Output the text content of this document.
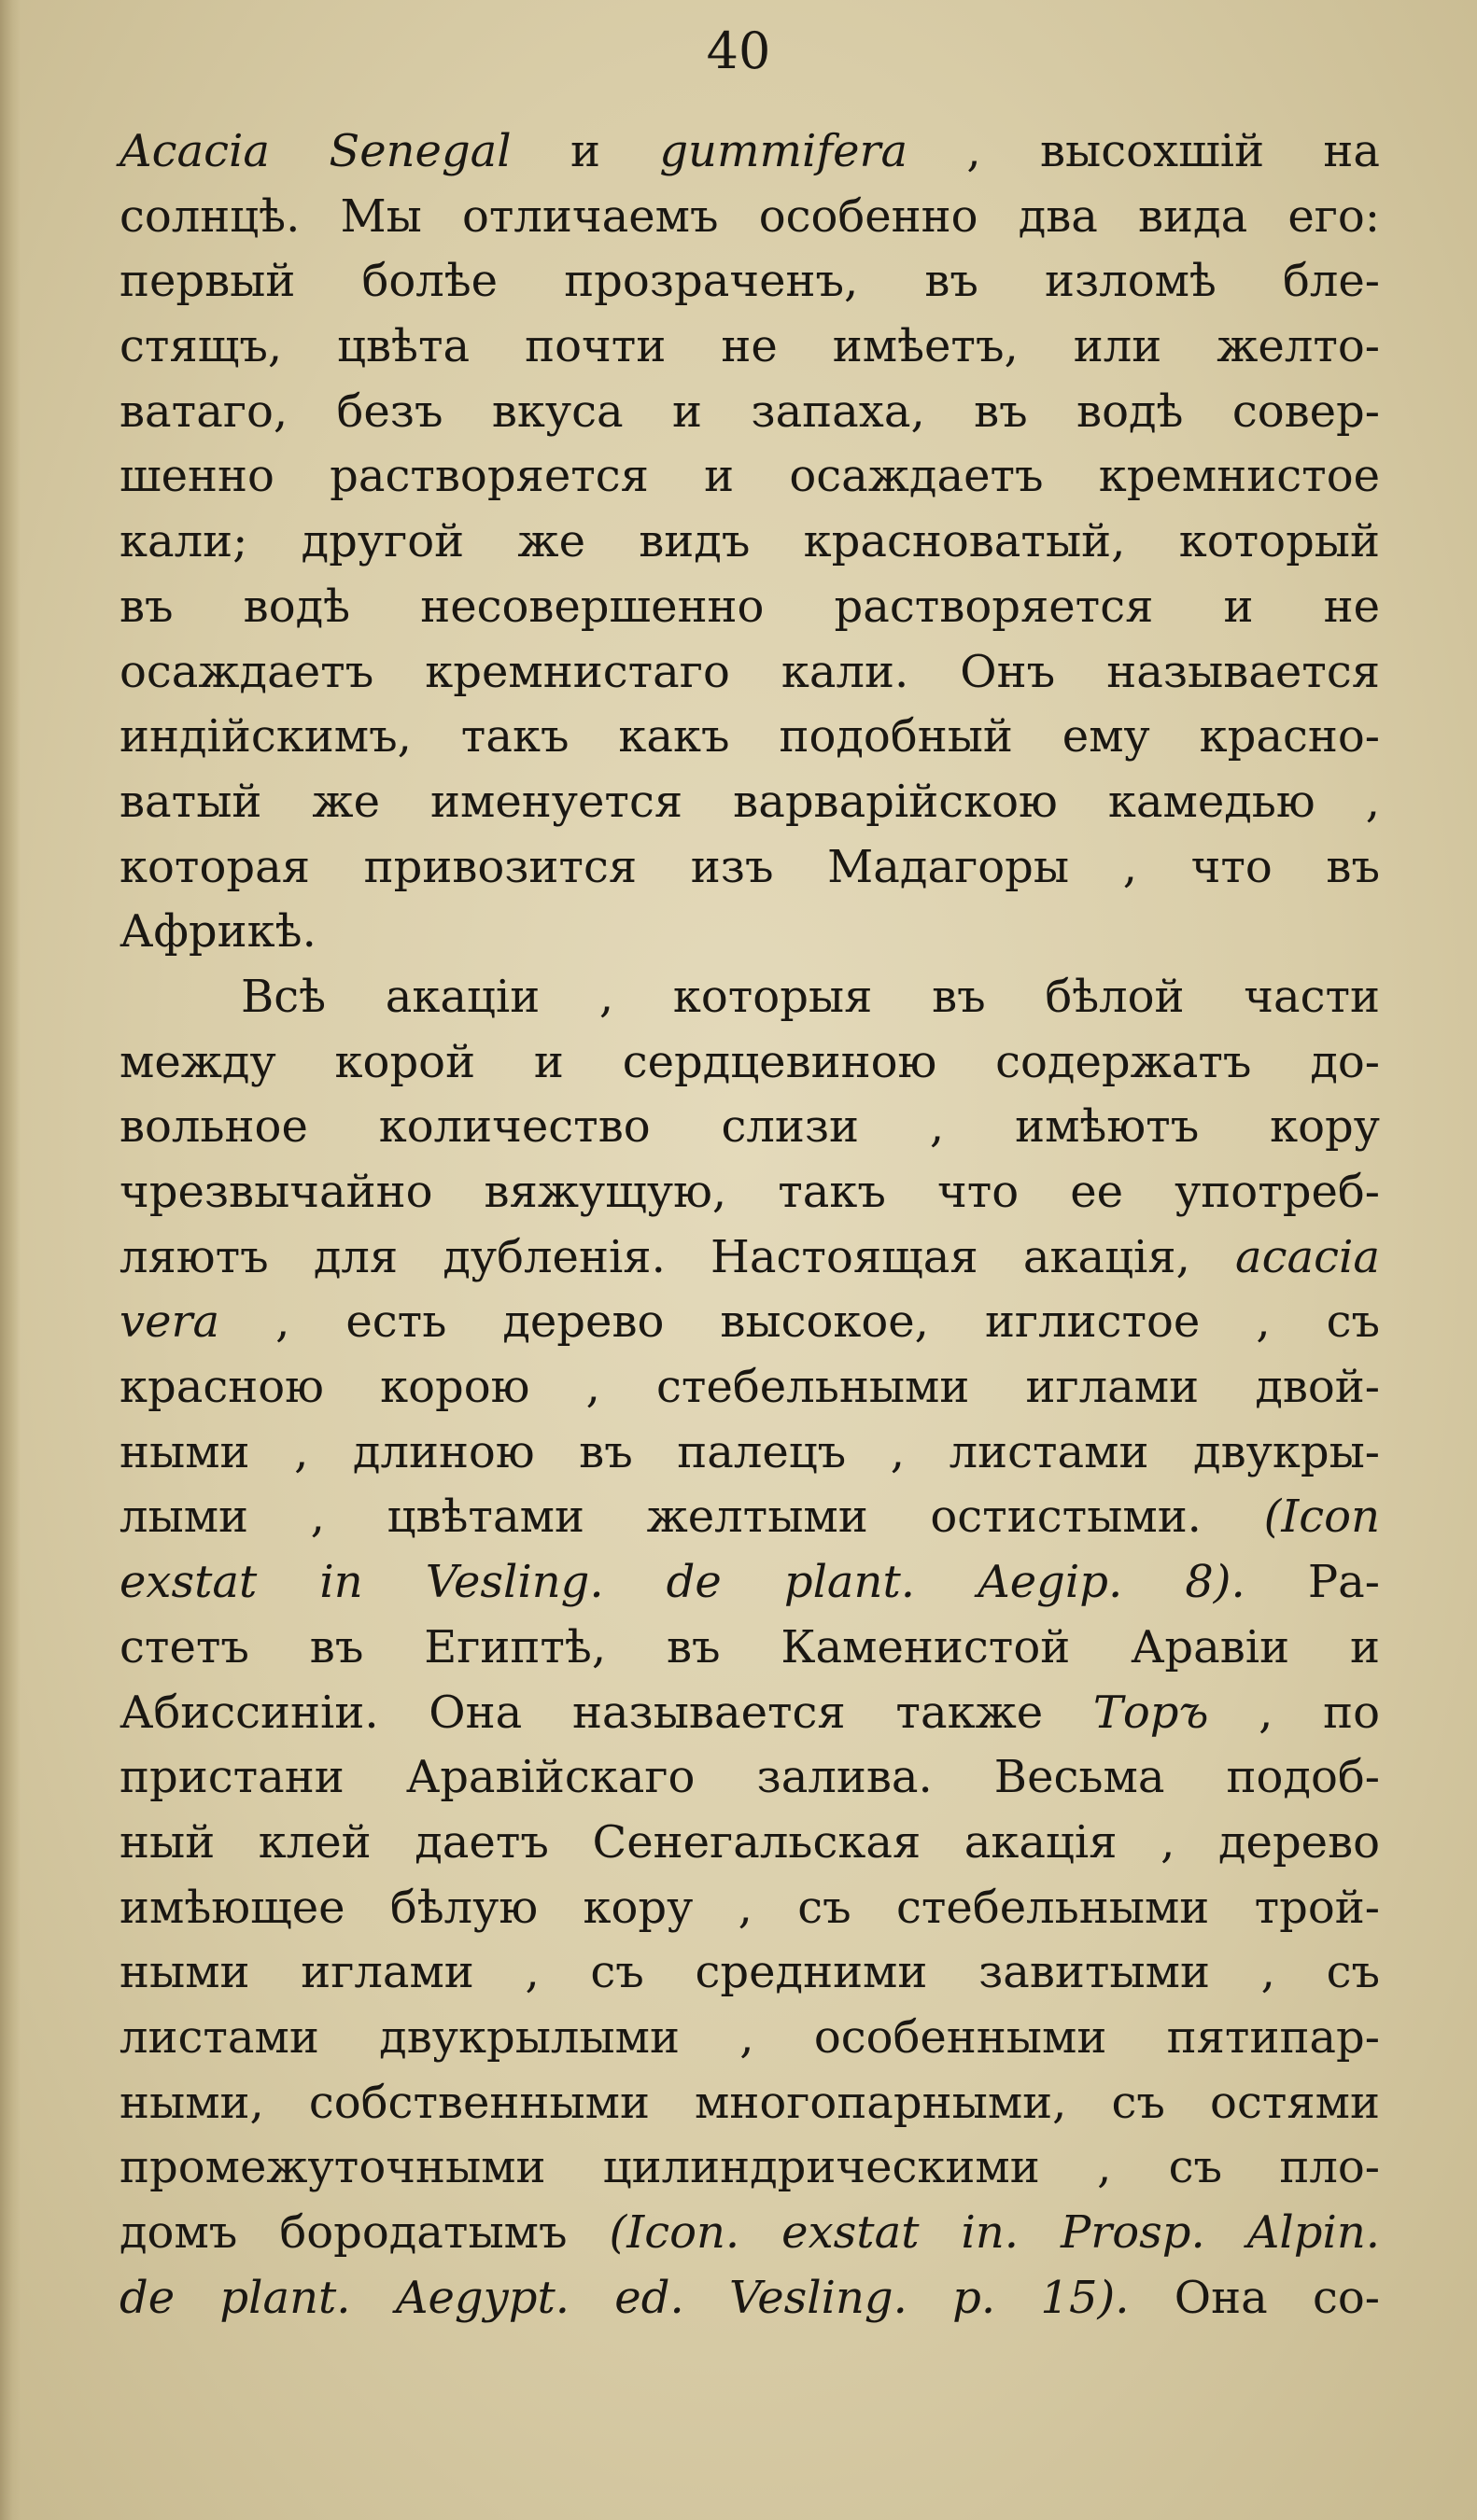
40
Acacia Senegal и gummifera , высохшій на
солнцѣ. Мы отличаемъ особенно два вида его:
первый болѣе прозраченъ, въ изломѣ бле-
стящъ, цвѣта почти не имѣетъ, или желто-
ватаго, безъ вкуса и запаха, въ водѣ совер-
шенно растворяется и осаждаетъ кремнистое
кали; другой же видъ красноватый, который
въ водѣ несовершенно растворяется и не
осаждаетъ кремнистаго кали. Онъ называется
индійскимъ, такъ какъ подобный ему красно-
ватый же именуется варварійскою камедью ,
которая привозится изъ Мадагоры , что въ
Африкѣ.
Всѣ акаціи , которыя въ бѣлой части
между корой и сердцевиною содержатъ до-
вольное количество слизи , имѣютъ кору
чрезвычайно вяжущую, такъ что ее употреб-
ляютъ для дубленія. Настоящая акація, acacia
vera , есть дерево высокое, иглистое , съ
красною корою , стебельными иглами двой-
ными , длиною въ палецъ , листами двукры-
лыми , цвѣтами желтыми остистыми. (Icon
exstat in Vesling. de plant. Aegip. 8). Ра-
стетъ въ Египтѣ, въ Каменистой Аравіи и
Абиссиніи. Она называется также Торъ , по
пристани Аравійскаго залива. Весьма подоб-
ный клей даетъ Сенегальская акація , дерево
имѣющее бѣлую кору , съ стебельными трой-
ными иглами , съ средними завитыми , съ
листами двукрылыми , особенными пятипар-
ными, собственными многопарными, съ остями
промежуточными цилиндрическими , съ пло-
домъ бородатымъ (Icon. exstat in. Prosp. Alpin.
de plant. Aegypt. ed. Vesling. p. 15). Она со-
